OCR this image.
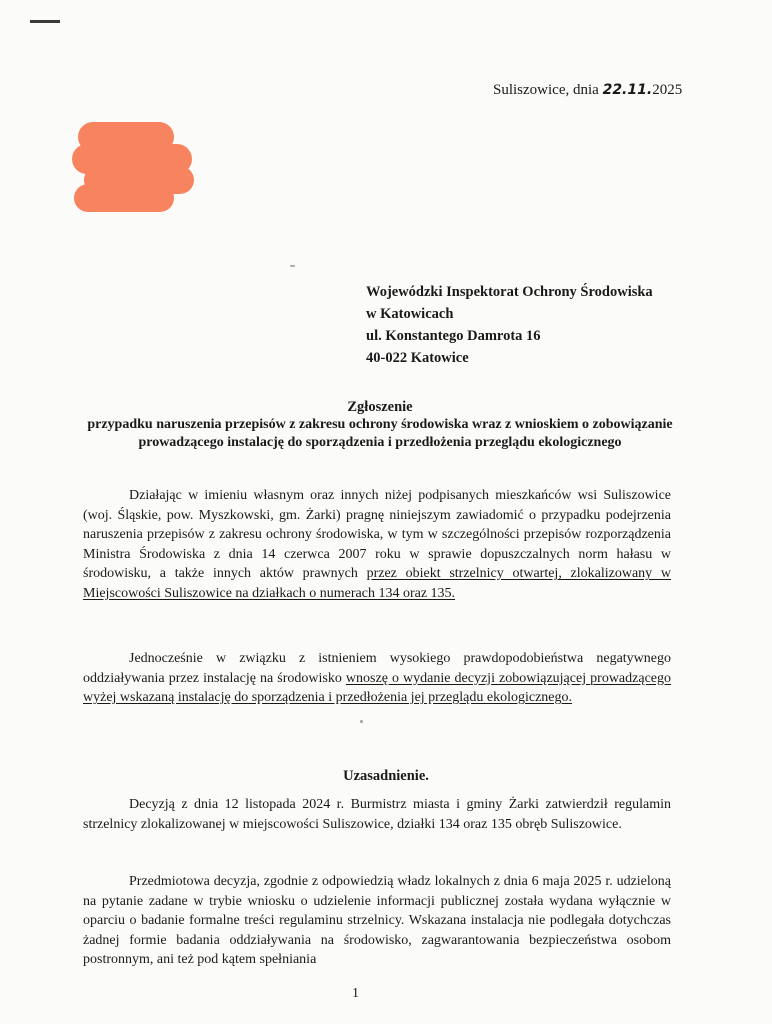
Suliszowice, dnia 22.11.2025
Wojewódzki Inspektorat Ochrony Środowiska
w Katowicach
ul. Konstantego Damrota 16
40-022 Katowice
Zgłoszenie
przypadku naruszenia przepisów z zakresu ochrony środowiska wraz z wnioskiem o zobowiązanie prowadzącego instalację do sporządzenia i przedłożenia przeglądu ekologicznego

Działając w imieniu własnym oraz innych niżej podpisanych mieszkańców wsi Suliszowice (woj. Śląskie, pow. Myszkowski, gm. Żarki) pragnę niniejszym zawiadomić o przypadku podejrzenia naruszenia przepisów z zakresu ochrony środowiska, w tym w szczególności przepisów rozporządzenia Ministra Środowiska z dnia 14 czerwca 2007 roku w sprawie dopuszczalnych norm hałasu w środowisku, a także innych aktów prawnych przez obiekt strzelnicy otwartej, zlokalizowany w Miejscowości Suliszowice na działkach o numerach 134 oraz 135.

Jednocześnie w związku z istnieniem wysokiego prawdopodobieństwa negatywnego oddziaływania przez instalację na środowisko wnoszę o wydanie decyzji zobowiązującej prowadzącego wyżej wskazaną instalację do sporządzenia i przedłożenia jej przeglądu ekologicznego.

Uzasadnienie.

Decyzją z dnia 12 listopada 2024 r. Burmistrz miasta i gminy Żarki zatwierdził regulamin strzelnicy zlokalizowanej w miejscowości Suliszowice, działki 134 oraz 135 obręb Suliszowice.

Przedmiotowa decyzja, zgodnie z odpowiedzią władz lokalnych z dnia 6 maja 2025 r. udzieloną na pytanie zadane w trybie wniosku o udzielenie informacji publicznej została wydana wyłącznie w oparciu o badanie formalne treści regulaminu strzelnicy. Wskazana instalacja nie podlegała dotychczas żadnej formie badania oddziaływania na środowisko, zagwarantowania bezpieczeństwa osobom postronnym, ani też pod kątem spełniania

1
